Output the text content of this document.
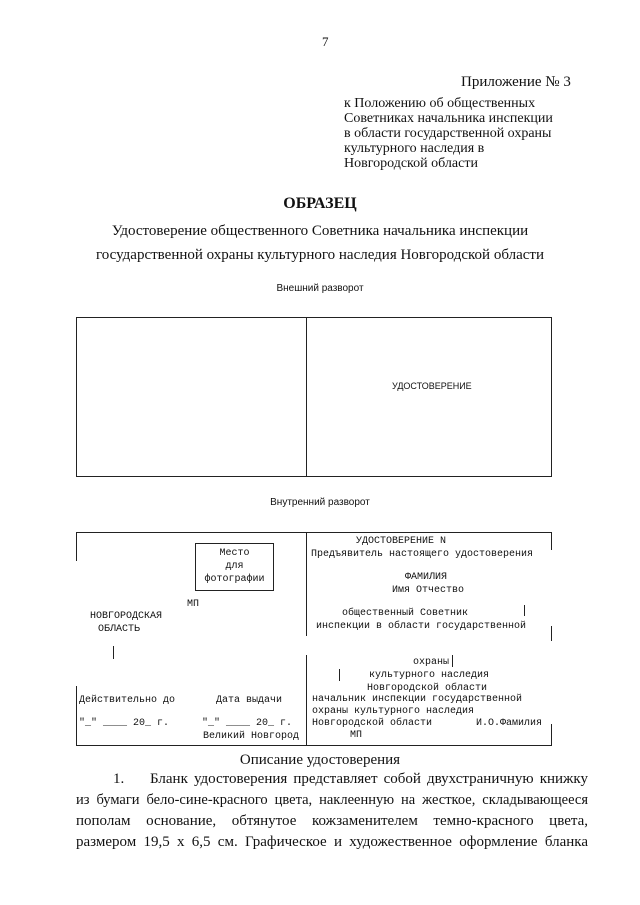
7
Приложение № 3
к Положению об общественных
Советниках начальника инспекции
в области государственной охраны
культурного наследия в
Новгородской области
ОБРАЗЕЦ
Удостоверение общественного Советника начальника инспекции
государственной охраны культурного наследия Новгородской области
Внешний разворот
УДОСТОВЕРЕНИЕ
Внутренний разворот
Место
для
фотографии
МП
НОВГОРОДСКАЯ
ОБЛАСТЬ
Действительно до	Дата выдачи
"_" ____ 20_ г.	"_" ____ 20_ г.
Великий Новгород
УДОСТОВЕРЕНИЕ N
Предъявитель настоящего удостоверения
ФАМИЛИЯ
Имя Отчество
общественный Советник
инспекции в области государственной
охраны
культурного наследия
Новгородской области
начальник инспекции государственной
охраны культурного наследия
Новгородской области	И.О.Фамилия
МП
Описание удостоверения
1. Бланк удостоверения представляет собой двухстраничную книжку
из бумаги бело-сине-красного цвета, наклеенную на жесткое, складывающееся
пополам основание, обтянутое кожзаменителем темно-красного цвета,
размером 19,5 x 6,5 см. Графическое и художественное оформление бланка
